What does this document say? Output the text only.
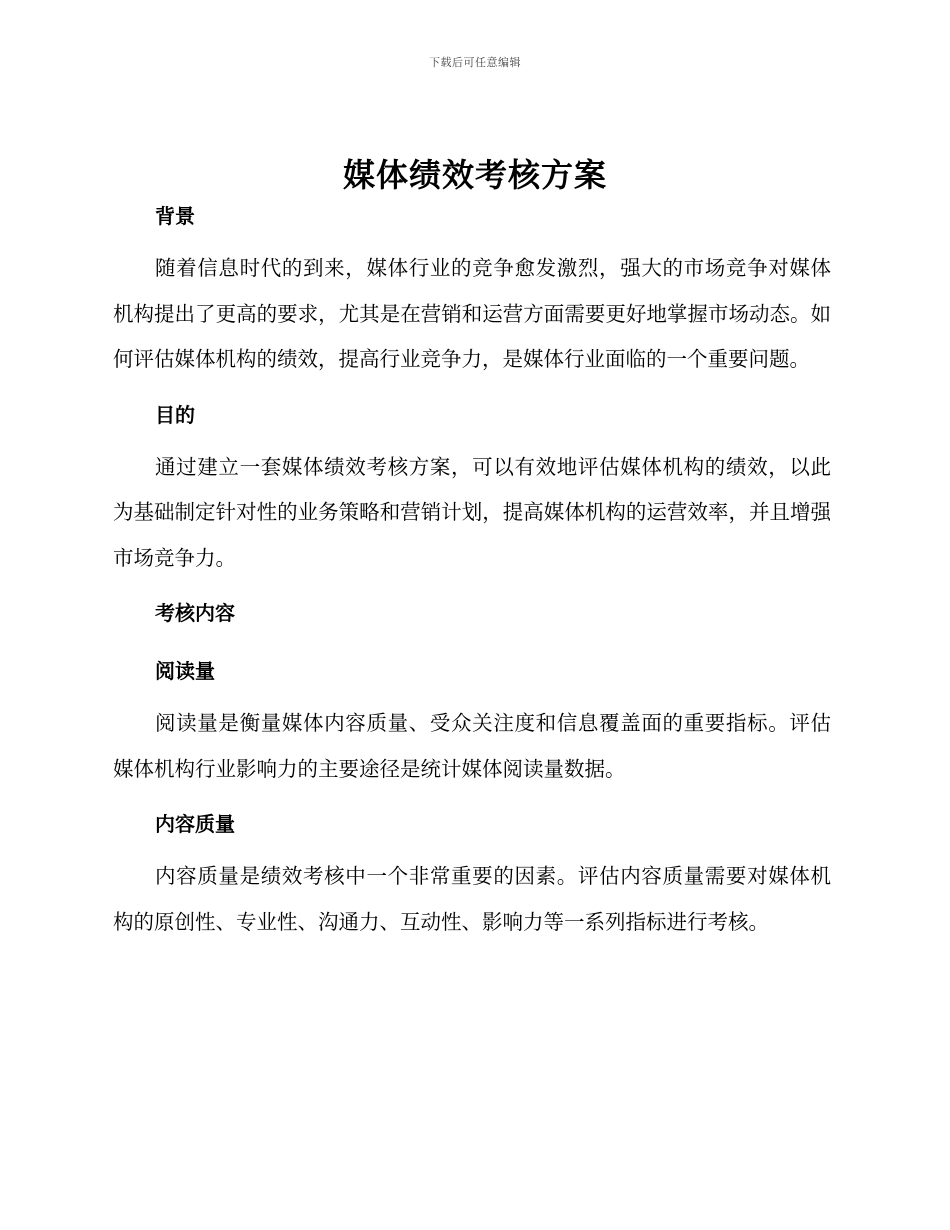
下载后可任意编辑
媒体绩效考核方案
背景

随着信息时代的到来，媒体行业的竞争愈发激烈，强大的市场竞争对媒体机构提出了更高的要求，尤其是在营销和运营方面需要更好地掌握市场动态。如何评估媒体机构的绩效，提高行业竞争力，是媒体行业面临的一个重要问题。

目的

通过建立一套媒体绩效考核方案，可以有效地评估媒体机构的绩效，以此为基础制定针对性的业务策略和营销计划，提高媒体机构的运营效率，并且增强市场竞争力。

考核内容
阅读量

阅读量是衡量媒体内容质量、受众关注度和信息覆盖面的重要指标。评估媒体机构行业影响力的主要途径是统计媒体阅读量数据。

内容质量

内容质量是绩效考核中一个非常重要的因素。评估内容质量需要对媒体机构的原创性、专业性、沟通力、互动性、影响力等一系列指标进行考核。
